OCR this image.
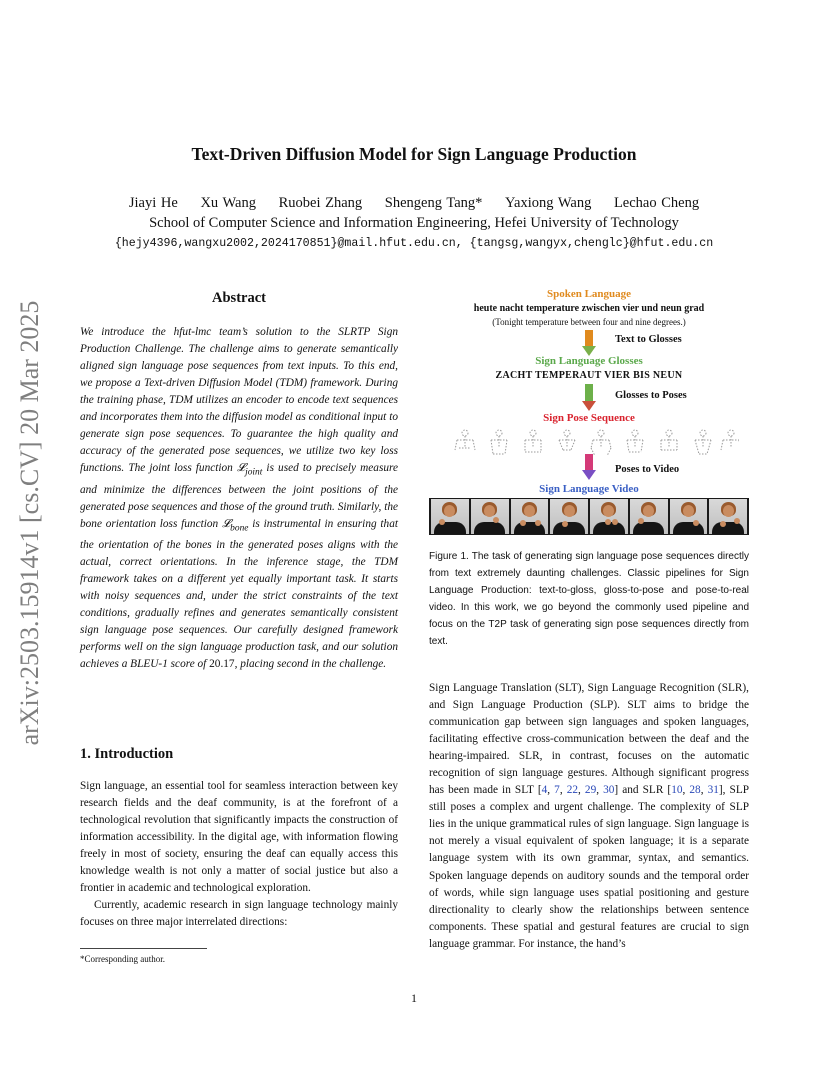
arXiv:2503.15914v1 [cs.CV] 20 Mar 2025
Text-Driven Diffusion Model for Sign Language Production
Jiayi He Xu Wang Ruobei Zhang Shengeng Tang* Yaxiong Wang Lechao Cheng
School of Computer Science and Information Engineering, Hefei University of Technology
{hejy4396,wangxu2002,2024170851}@mail.hfut.edu.cn, {tangsg,wangyx,chenglc}@hfut.edu.cn
Abstract
We introduce the hfut-lmc team’s solution to the SLRTP Sign Production Challenge. The challenge aims to generate semantically aligned sign language pose sequences from text inputs. To this end, we propose a Text-driven Diffusion Model (TDM) framework. During the training phase, TDM utilizes an encoder to encode text sequences and incorporates them into the diffusion model as conditional input to generate sign pose sequences. To guarantee the high quality and accuracy of the generated pose sequences, we utilize two key loss functions. The joint loss function 𝓛$_{joint}$ is used to precisely measure and minimize the differences between the joint positions of the generated pose sequences and those of the ground truth. Similarly, the bone orientation loss function 𝓛$_{bone}$ is instrumental in ensuring that the orientation of the bones in the generated poses aligns with the actual, correct orientations. In the inference stage, the TDM framework takes on a different yet equally important task. It starts with noisy sequences and, under the strict constraints of the text conditions, gradually refines and generates semantically consistent sign language pose sequences. Our carefully designed framework performs well on the sign language production task, and our solution achieves a BLEU-1 score of 20.17, placing second in the challenge.
1. Introduction

Sign language, an essential tool for seamless interaction between key research fields and the deaf community, is at the forefront of a technological revolution that significantly impacts the construction of information accessibility. In the digital age, with information flowing freely in most of society, ensuring the deaf can equally access this knowledge wealth is not only a matter of social justice but also a frontier in academic and technological exploration.

Currently, academic research in sign language technology mainly focuses on three major interrelated directions:

*Corresponding author.
1
Spoken Language
heute nacht temperature zwischen vier und neun grad
(Tonight temperature between four and nine degrees.)
Text to Glosses
Sign Language Glosses
ZACHT TEMPERAUT VIER BIS NEUN
Glosses to Poses
Sign Pose Sequence
Poses to Video
Sign Language Video
Figure 1. The task of generating sign language pose sequences directly from text extremely daunting challenges. Classic pipelines for Sign Language Production: text-to-gloss, gloss-to-pose and pose-to-real video. In this work, we go beyond the commonly used pipeline and focus on the T2P task of generating sign pose sequences directly from text.
Sign Language Translation (SLT), Sign Language Recognition (SLR), and Sign Language Production (SLP). SLT aims to bridge the communication gap between sign languages and spoken languages, facilitating effective cross-communication between the deaf and the hearing-impaired. SLR, in contrast, focuses on the automatic recognition of sign language gestures. Although significant progress has been made in SLT [4, 7, 22, 29, 30] and SLR [10, 28, 31], SLP still poses a complex and urgent challenge. The complexity of SLP lies in the unique grammatical rules of sign language. Sign language is not merely a visual equivalent of spoken language; it is a separate language system with its own grammar, syntax, and semantics. Spoken language depends on auditory sounds and the temporal order of words, while sign language uses spatial positioning and gesture directionality to clearly show the relationships between sentence components. These spatial and gestural features are crucial to sign language grammar. For instance, the hand’s
